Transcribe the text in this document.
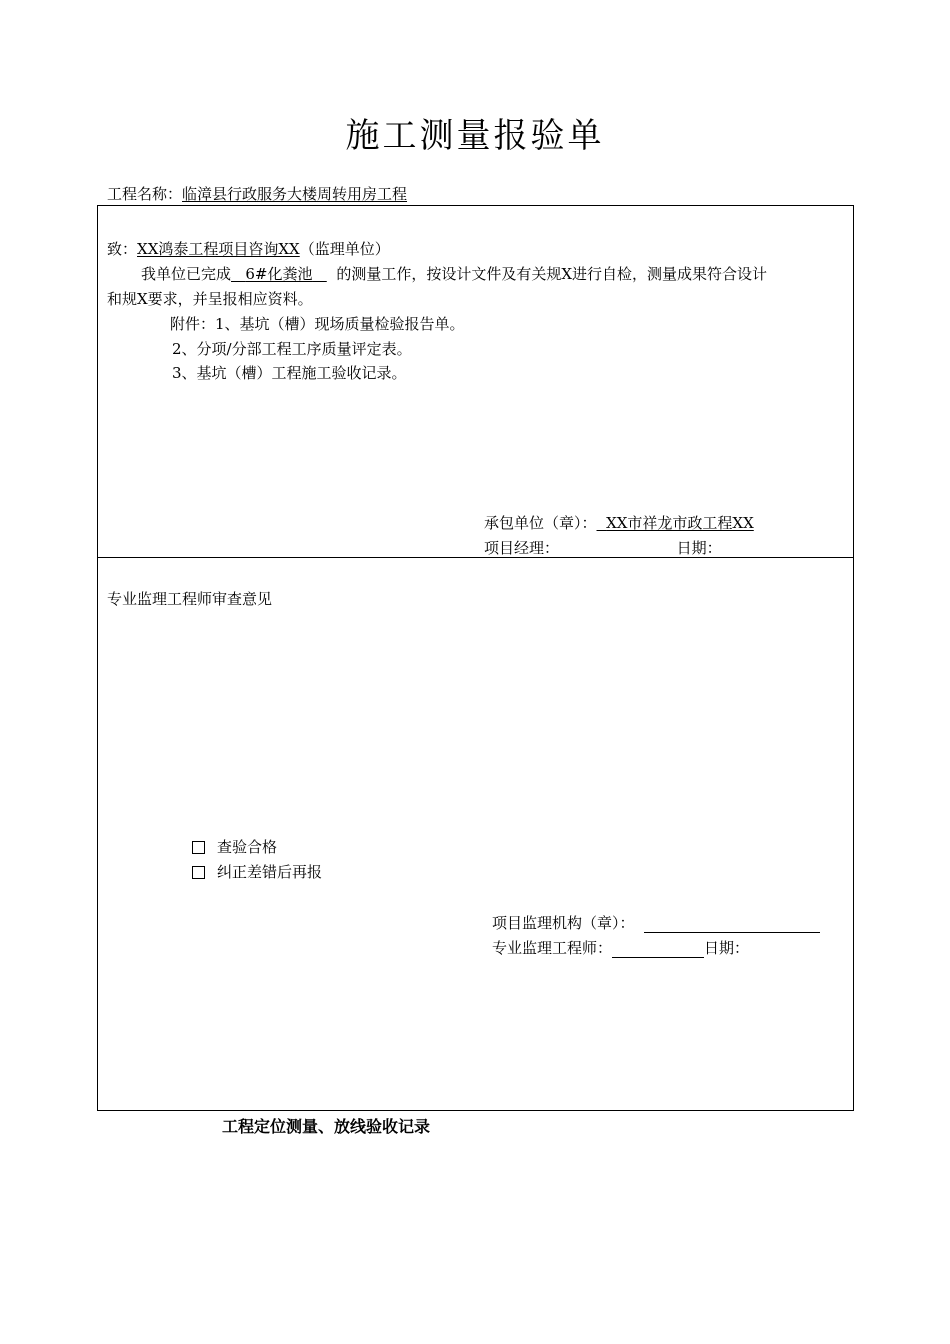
施工测量报验单
工程名称：临漳县行政服务大楼周转用房工程
致：XX鸿泰工程项目咨询XX（监理单位）
我单位已完成 6#化粪池 的测量工作，按设计文件及有关规X进行自检，测量成果符合设计
和规X要求，并呈报相应资料。
附件：1、基坑（槽）现场质量检验报告单。
2、分项/分部工程工序质量评定表。
3、基坑（槽）工程施工验收记录。
承包单位（章）： XX市祥龙市政工程XX
项目经理：	日期：
专业监理工程师审查意见
查验合格
纠正差错后再报
项目监理机构（章）：
专业监理工程师：	日期：
工程定位测量、放线验收记录
